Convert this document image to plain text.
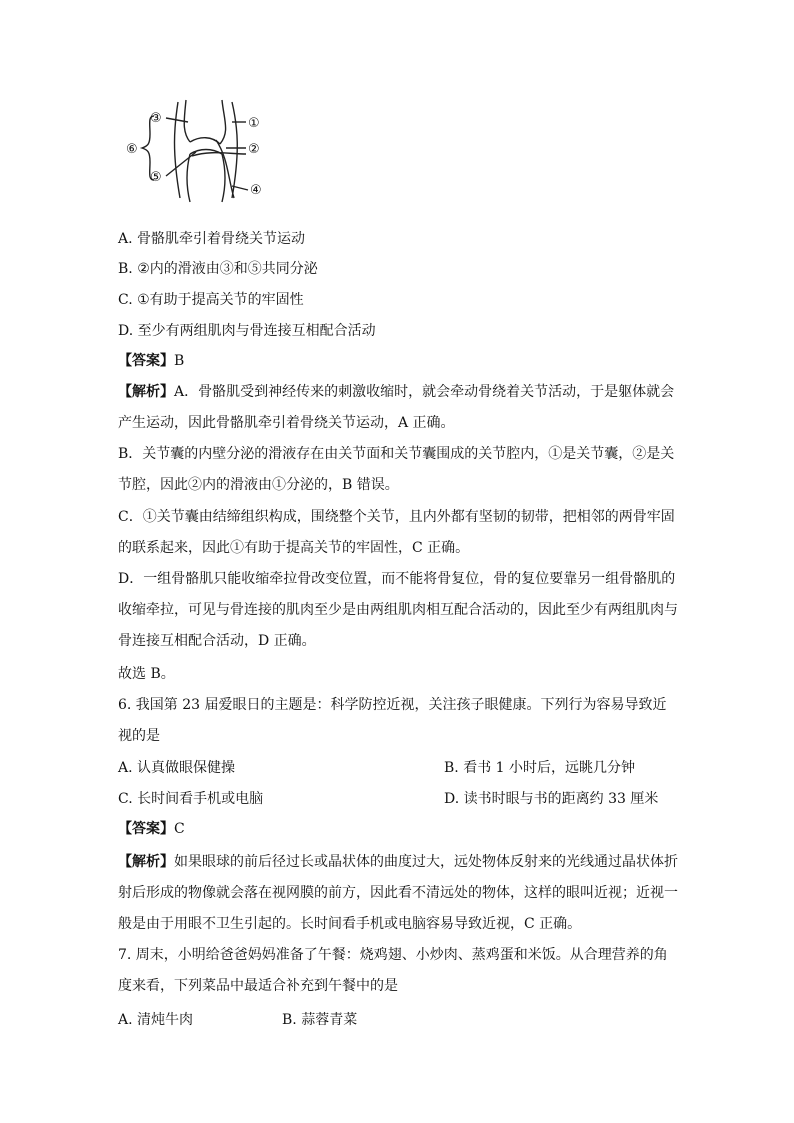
③	①
⑥	②
⑤
④
A. 骨骼肌牵引着骨绕关节运动
B. ②内的滑液由③和⑤共同分泌
C. ①有助于提高关节的牢固性
D. 至少有两组肌肉与骨连接互相配合活动
【答案】B
【解析】A．骨骼肌受到神经传来的刺激收缩时，就会牵动骨绕着关节活动，于是躯体就会产生运动，因此骨骼肌牵引着骨绕关节运动，A 正确。
B．关节囊的内壁分泌的滑液存在由关节面和关节囊围成的关节腔内，①是关节囊，②是关节腔，因此②内的滑液由①分泌的，B 错误。
C．①关节囊由结缔组织构成，围绕整个关节，且内外都有坚韧的韧带，把相邻的两骨牢固的联系起来，因此①有助于提高关节的牢固性，C 正确。
D．一组骨骼肌只能收缩牵拉骨改变位置，而不能将骨复位，骨的复位要靠另一组骨骼肌的收缩牵拉，可见与骨连接的肌肉至少是由两组肌肉相互配合活动的，因此至少有两组肌肉与骨连接互相配合活动，D 正确。
故选 B。
6. 我国第 23 届爱眼日的主题是：科学防控近视，关注孩子眼健康。下列行为容易导致近视的是
A. 认真做眼保健操	B. 看书 1 小时后，远眺几分钟
C. 长时间看手机或电脑	D. 读书时眼与书的距离约 33 厘米
【答案】C
【解析】如果眼球的前后径过长或晶状体的曲度过大，远处物体反射来的光线通过晶状体折射后形成的物像就会落在视网膜的前方，因此看不清远处的物体，这样的眼叫近视；近视一般是由于用眼不卫生引起的。长时间看手机或电脑容易导致近视，C 正确。
7. 周末，小明给爸爸妈妈准备了午餐：烧鸡翅、小炒肉、蒸鸡蛋和米饭。从合理营养的角度来看，下列菜品中最适合补充到午餐中的是
A. 清炖牛肉	B. 蒜蓉青菜
